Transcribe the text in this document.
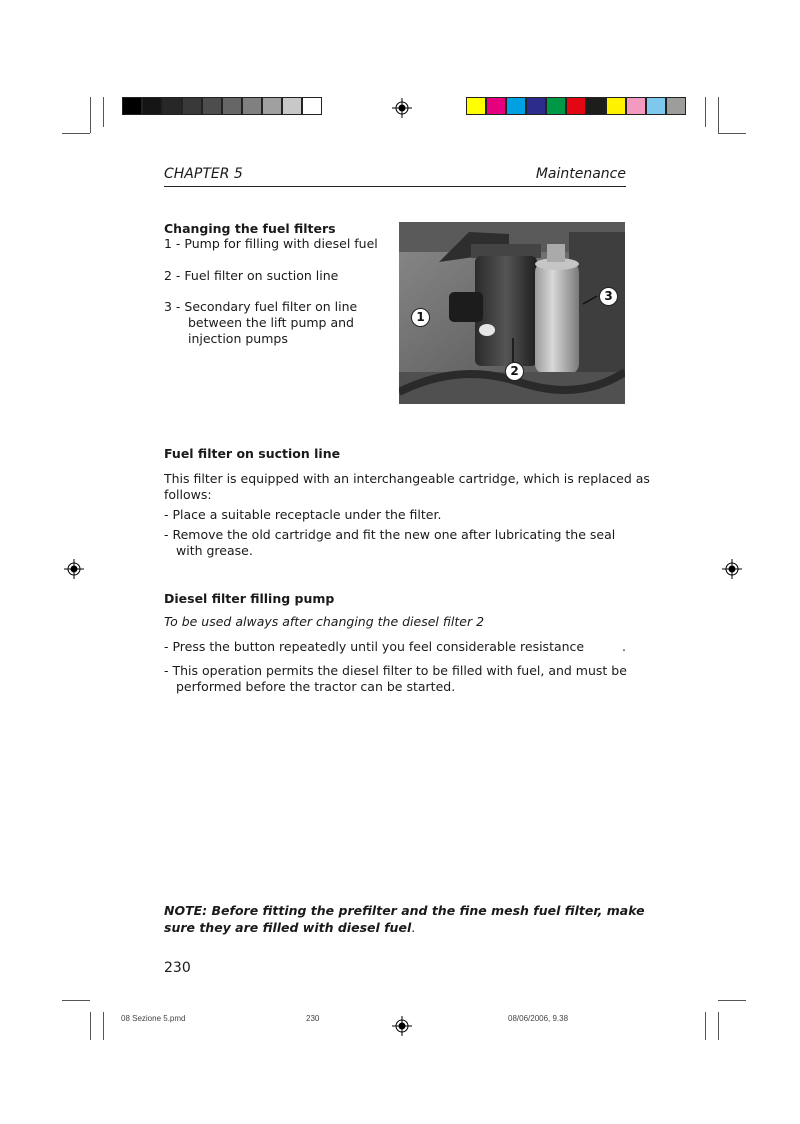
CHAPTER 5	Maintenance
Changing the fuel filters
1 - Pump for filling with diesel fuel
2 - Fuel filter on suction line
3 - Secondary fuel filter on line
between the lift pump and
injection pumps
1
2
3
Fuel filter on suction line
This filter is equipped with an interchangeable cartridge, which is replaced as
follows:
- Place a suitable receptacle under the filter.
- Remove the old cartridge and fit the new one after lubricating the seal
with grease.
Diesel filter filling pump
To be used always after changing the diesel filter 2
- Press the button repeatedly until you feel considerable resistance	.
- This operation permits the diesel filter to be filled with fuel, and must be
performed before the tractor can be started.
NOTE: Before fitting the prefilter and the fine mesh fuel filter, make
sure they are filled with diesel fuel.
230
08 Sezione 5.pmd	230	08/06/2006, 9.38
